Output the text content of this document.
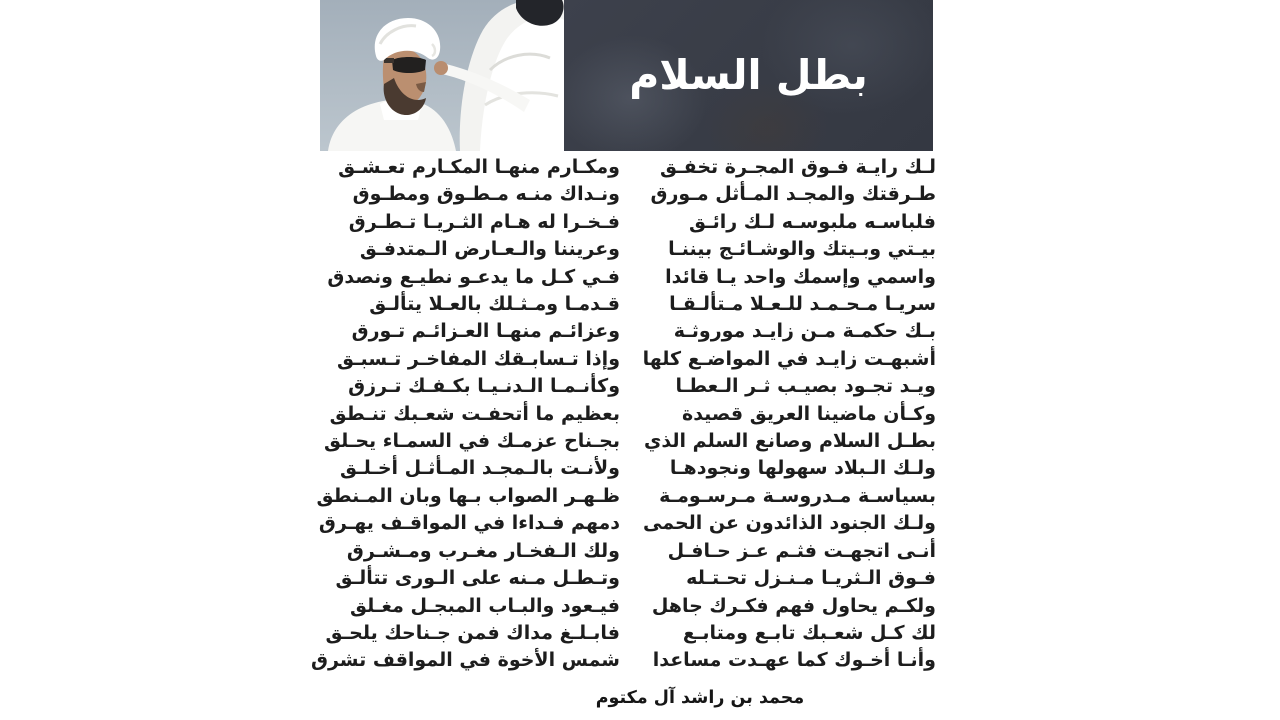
بطل السلام
لـك رايـة فـوق المجـرة تخفـق
طـرقتك والمجـد المـأثل مـورق
فلباسـه ملبوسـه لـك رائـق
بيـتي وبـيتك والوشـائـج بيننـا
واسمي وإسمك واحد يـا قائدا
سريـا مـحـمـد للـعـلا مـتألـقـا
بـك حكمـة مـن زايـد موروثـة
أشبهـت زايـد في المواضـع كلها
ويـد تجـود بصيـب ثـر الـعطـا
وكـأن ماضينا العريق قصيدة
بطـل السلام وصانع السلم الذي
ولـك الـبلاد سهولها ونجودهـا
بسياسـة مـدروسـة مـرسـومـة
ولـك الجنود الذائدون عن الحمى
أنـى اتجهـت فثـم عـز حـافـل
فـوق الـثريـا مـنـزل تحـتـله
ولكـم يحاول فهم فكـرك جاهل
لك كـل شعـبك تابـع ومتابـع
وأنـا أخـوك كما عهـدت مساعدا
ومكـارم منهـا المكـارم تعـشـق
ونـداك منـه مـطـوق ومطـوق
فـخـرا له هـام الثـريـا تـطـرق
وعريننا والـعـارض الـمتدفـق
فـي كـل ما يدعـو نطيـع ونصدق
قـدمـا ومـثـلك بالعـلا يتألـق
وعزائـم منهـا العـزائـم تـورق
وإذا تـسابـقك المفاخـر تـسبـق
وكأنـمـا الـدنـيـا بكـفـك تـرزق
بعظيم ما أتحفـت شعـبك تنـطق
بجـناح عزمـك في السمـاء يحـلق
ولأنـت بالـمجـد المـأثـل أخـلـق
ظـهـر الصواب بـها وبان المـنطق
دمهم فـداءا في المواقـف يهـرق
ولك الـفخـار مغـرب ومـشـرق
وتـطـل مـنه على الـورى تتألـق
فيـعود والبـاب المبجـل مغـلق
فابـلـغ مداك فمن جـناحك يلحـق
شمس الأخوة في المواقف تشرق
محمد بن راشد آل مكتوم
